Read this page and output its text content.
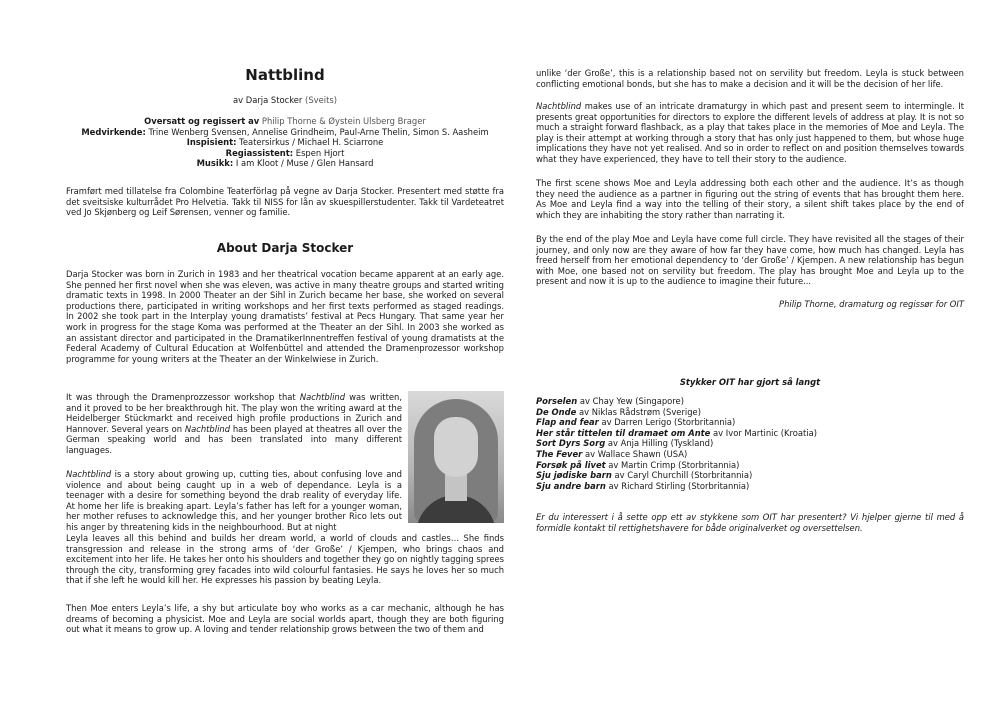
Nattblind
av Darja Stocker (Sveits)
Oversatt og regissert av Philip Thorne & Øystein Ulsberg Brager
Medvirkende: Trine Wenberg Svensen, Annelise Grindheim, Paul-Arne Thelin, Simon S. Aasheim
Inspisient: Teatersirkus / Michael H. Sciarrone
Regiassistent: Espen Hjort
Musikk: I am Kloot / Muse / Glen Hansard

Framført med tillatelse fra Colombine Teaterförlag på vegne av Darja Stocker. Presentert med støtte fra det sveitsiske kulturrådet Pro Helvetia. Takk til NISS for lån av skuespillerstudenter. Takk til Vardeteatret ved Jo Skjønberg og Leif Sørensen, venner og familie.

About Darja Stocker

Darja Stocker was born in Zurich in 1983 and her theatrical vocation became apparent at an early age. She penned her first novel when she was eleven, was active in many theatre groups and started writing dramatic texts in 1998. In 2000 Theater an der Sihl in Zurich became her base, she worked on several productions there, participated in writing workshops and her first texts performed as staged readings. In 2002 she took part in the Interplay young dramatists’ festival at Pecs Hungary. That same year her work in progress for the stage Koma was performed at the Theater an der Sihl. In 2003 she worked as an assistant director and participated in the DramatikerInnentreffen festival of young dramatists at the Federal Academy of Cultural Education at Wolfenbüttel and attended the Dramenprozessor workshop programme for young writers at the Theater an der Winkelwiese in Zurich.

It was through the Dramenprozzessor workshop that Nachtblind was written, and it proved to be her breakthrough hit. The play won the writing award at the Heidelberger Stückmarkt and received high profile productions in Zurich and Hannover. Several years on Nachtblind has been played at theatres all over the German speaking world and has been translated into many different languages.

Nachtblind is a story about growing up, cutting ties, about confusing love and violence and about being caught up in a web of dependance. Leyla is a teenager with a desire for something beyond the drab reality of everyday life. At home her life is breaking apart. Leyla’s father has left for a younger woman, her mother refuses to acknowledge this, and her younger brother Rico lets out his anger by threatening kids in the neighbourhood. But at night

Leyla leaves all this behind and builds her dream world, a world of clouds and castles… She finds transgression and release in the strong arms of ‘der Große’ / Kjempen, who brings chaos and excitement into her life. He takes her onto his shoulders and together they go on nightly tagging sprees through the city, transforming grey facades into wild colourful fantasies. He says he loves her so much that if she left he would kill her. He expresses his passion by beating Leyla.

Then Moe enters Leyla’s life, a shy but articulate boy who works as a car mechanic, although he has dreams of becoming a physicist. Moe and Leyla are social worlds apart, though they are both figuring out what it means to grow up. A loving and tender relationship grows between the two of them and

unlike ‘der Große’, this is a relationship based not on servility but freedom. Leyla is stuck between conflicting emotional bonds, but she has to make a decision and it will be the decision of her life.

Nachtblind makes use of an intricate dramaturgy in which past and present seem to intermingle. It presents great opportunities for directors to explore the different levels of address at play. It is not so much a straight forward flashback, as a play that takes place in the memories of Moe and Leyla. The play is their attempt at working through a story that has only just happened to them, but whose huge implications they have not yet realised. And so in order to reflect on and position themselves towards what they have experienced, they have to tell their story to the audience.

The first scene shows Moe and Leyla addressing both each other and the audience. It’s as though they need the audience as a partner in figuring out the string of events that has brought them here. As Moe and Leyla find a way into the telling of their story, a silent shift takes place by the end of which they are inhabiting the story rather than narrating it.

By the end of the play Moe and Leyla have come full circle. They have revisited all the stages of their journey, and only now are they aware of how far they have come, how much has changed. Leyla has freed herself from her emotional dependency to ‘der Große’ / Kjempen. A new relationship has begun with Moe, one based not on servility but freedom. The play has brought Moe and Leyla up to the present and now it is up to the audience to imagine their future...

Philip Thorne, dramaturg og regissør for OIT
Stykker OIT har gjort så langt
Porselen av Chay Yew (Singapore)
De Onde av Niklas Rådstrøm (Sverige)
Flap and fear av Darren Lerigo (Storbritannia)
Her står tittelen til dramaet om Ante av Ivor Martinic (Kroatia)
Sort Dyrs Sorg av Anja Hilling (Tyskland)
The Fever av Wallace Shawn (USA)
Forsøk på livet av Martin Crimp (Storbritannia)
Sju jødiske barn av Caryl Churchill (Storbritannia)
Sju andre barn av Richard Stirling (Storbritannia)

Er du interessert i å sette opp ett av stykkene som OIT har presentert? Vi hjelper gjerne til med å formidle kontakt til rettighetshavere for både originalverket og oversettelsen.
